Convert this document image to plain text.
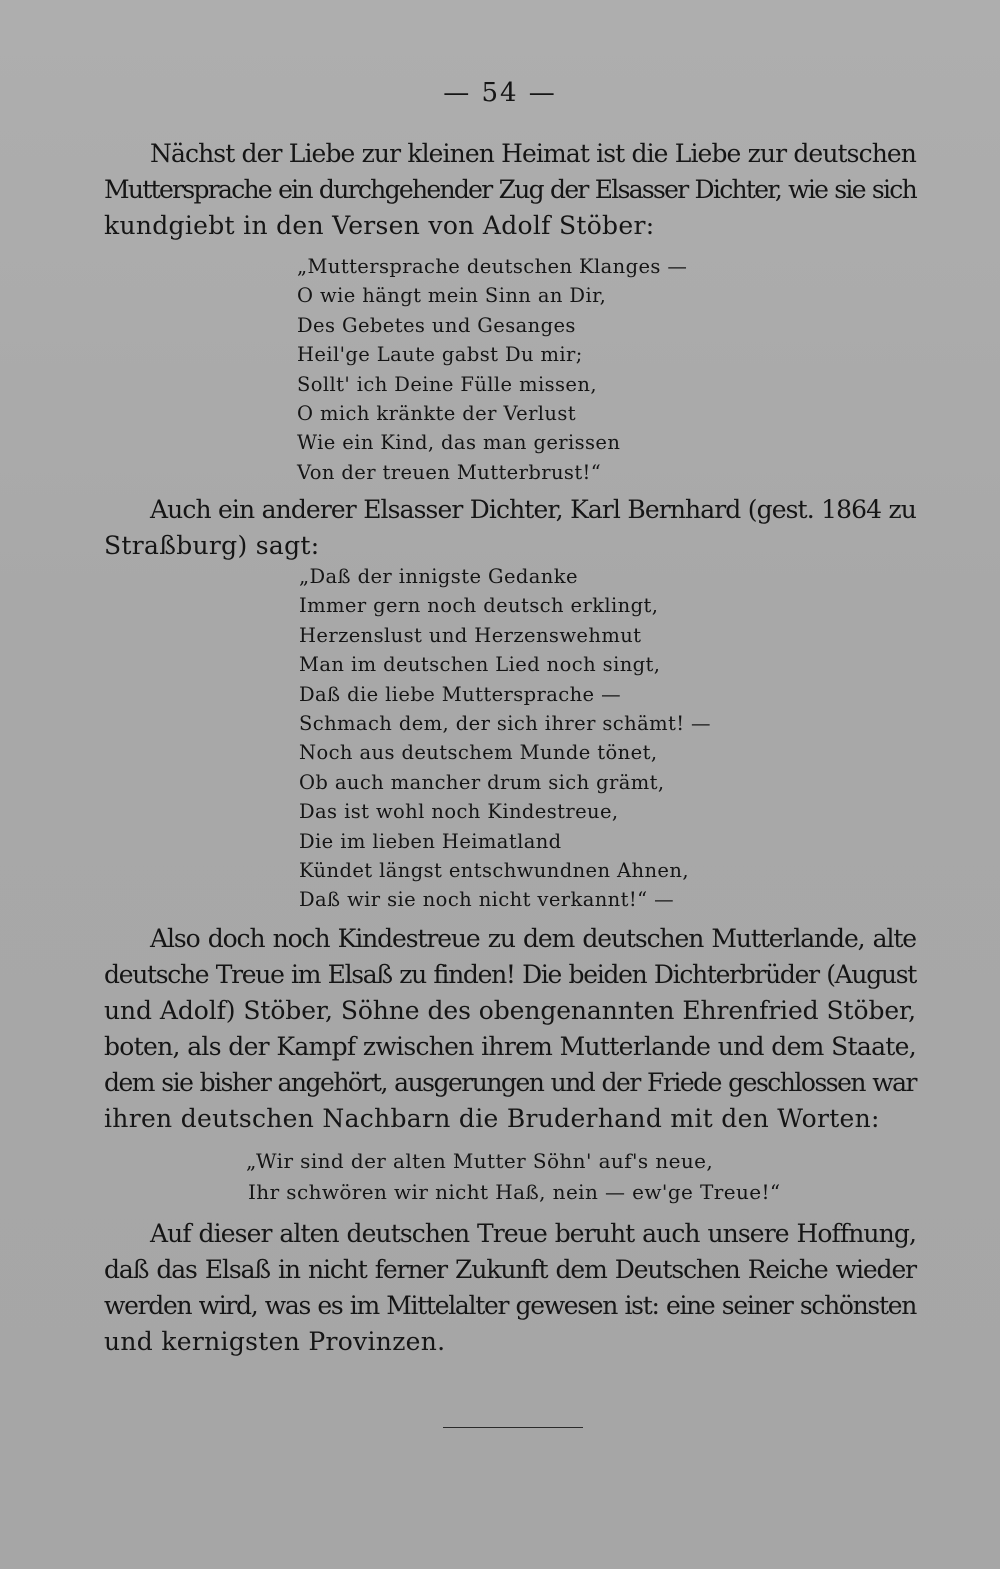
— 54 —
Nächst der Liebe zur kleinen Heimat ist die Liebe zur deutschen
Muttersprache ein durchgehender Zug der Elsasser Dichter, wie sie sich
kundgiebt in den Versen von Adolf Stöber:
„Muttersprache deutschen Klanges —
O wie hängt mein Sinn an Dir,
Des Gebetes und Gesanges
Heil'ge Laute gabst Du mir;
Sollt' ich Deine Fülle missen,
O mich kränkte der Verlust
Wie ein Kind, das man gerissen
Von der treuen Mutterbrust!“
Auch ein anderer Elsasser Dichter, Karl Bernhard (gest. 1864 zu
Straßburg) sagt:
„Daß der innigste Gedanke
Immer gern noch deutsch erklingt,
Herzenslust und Herzenswehmut
Man im deutschen Lied noch singt,
Daß die liebe Muttersprache —
Schmach dem, der sich ihrer schämt! —
Noch aus deutschem Munde tönet,
Ob auch mancher drum sich grämt,
Das ist wohl noch Kindestreue,
Die im lieben Heimatland
Kündet längst entschwundnen Ahnen,
Daß wir sie noch nicht verkannt!“ —
Also doch noch Kindestreue zu dem deutschen Mutterlande, alte
deutsche Treue im Elsaß zu finden! Die beiden Dichterbrüder (August
und Adolf) Stöber, Söhne des obengenannten Ehrenfried Stöber,
boten, als der Kampf zwischen ihrem Mutterlande und dem Staate,
dem sie bisher angehört, ausgerungen und der Friede geschlossen war
ihren deutschen Nachbarn die Bruderhand mit den Worten:
„Wir sind der alten Mutter Söhn' auf's neue,
Ihr schwören wir nicht Haß, nein — ew'ge Treue!“
Auf dieser alten deutschen Treue beruht auch unsere Hoffnung,
daß das Elsaß in nicht ferner Zukunft dem Deutschen Reiche wieder
werden wird, was es im Mittelalter gewesen ist: eine seiner schönsten
und kernigsten Provinzen.
